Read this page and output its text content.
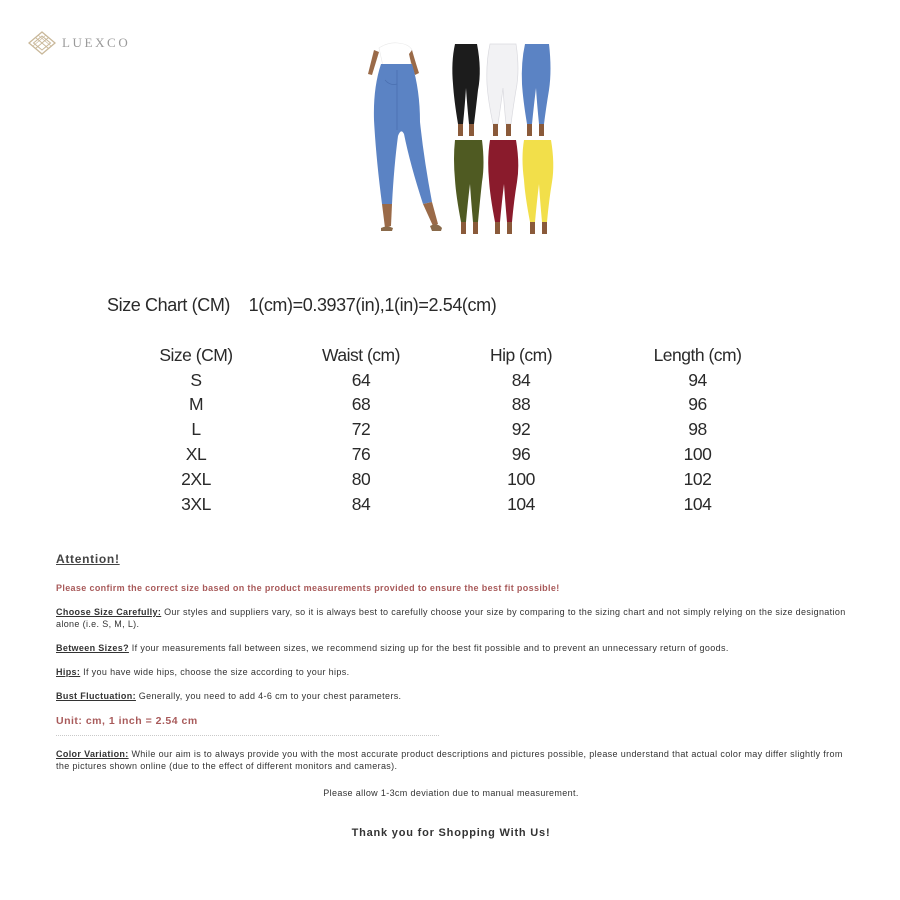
LUEXCO
Size Chart (CM) 1(cm)=0.3937(in),1(in)=2.54(cm)
Size (CM)	Waist (cm)	Hip (cm)	Length (cm)
S	64	84	94
M	68	88	96
L	72	92	98
XL	76	96	100
2XL	80	100	102
3XL	84	104	104

Attention!

Please confirm the correct size based on the product measurements provided to ensure the best fit possible!

Choose Size Carefully: Our styles and suppliers vary, so it is always best to carefully choose your size by comparing to the sizing chart and not simply relying on the size designation alone (i.e. S, M, L).

Between Sizes? If your measurements fall between sizes, we recommend sizing up for the best fit possible and to prevent an unnecessary return of goods.

Hips: If you have wide hips, choose the size according to your hips.

Bust Fluctuation: Generally, you need to add 4-6 cm to your chest parameters.

Unit: cm, 1 inch = 2.54 cm

Color Variation: While our aim is to always provide you with the most accurate product descriptions and pictures possible, please understand that actual color may differ slightly from the pictures shown online (due to the effect of different monitors and cameras).

Please allow 1-3cm deviation due to manual measurement.

Thank you for Shopping With Us!
